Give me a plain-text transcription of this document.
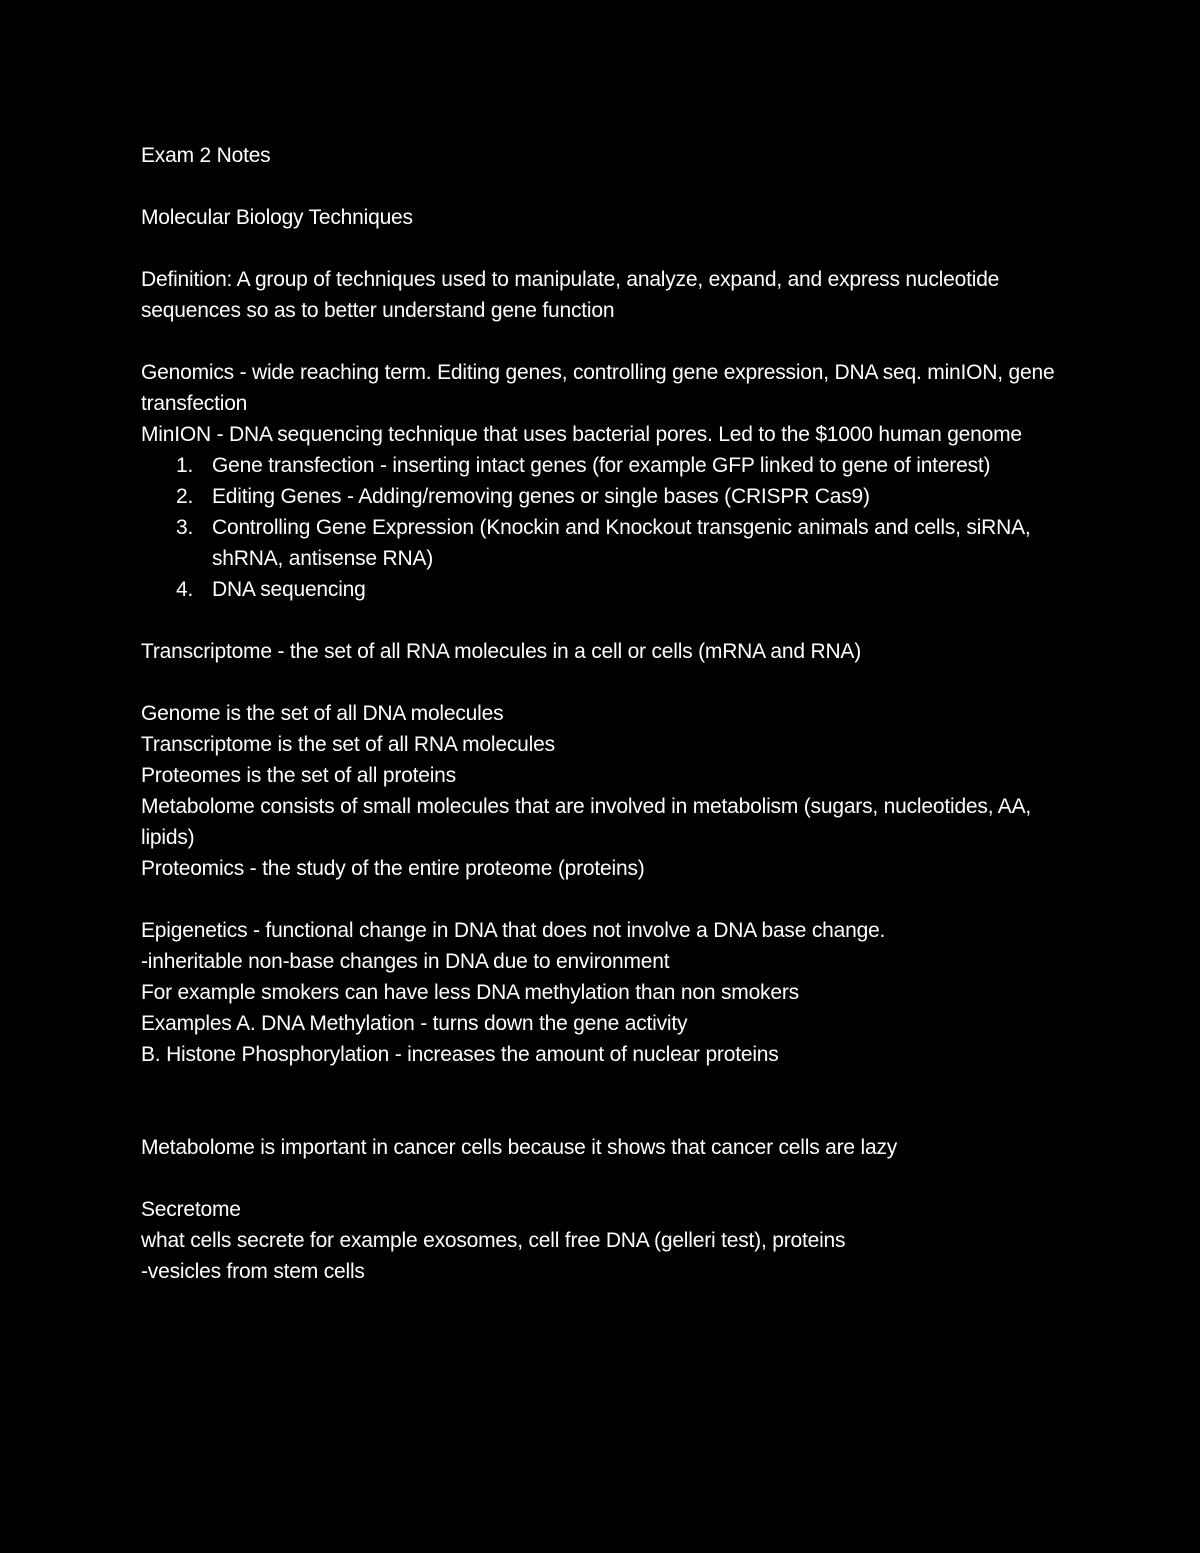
Exam 2 Notes

Molecular Biology Techniques

Definition: A group of techniques used to manipulate, analyze, expand, and express nucleotide sequences so as to better understand gene function

Genomics - wide reaching term. Editing genes, controlling gene expression, DNA seq. minION, gene transfection

MinION - DNA sequencing technique that uses bacterial pores. Led to the $1000 human genome

1. Gene transfection - inserting intact genes (for example GFP linked to gene of interest)
2. Editing Genes - Adding/removing genes or single bases (CRISPR Cas9)
3. Controlling Gene Expression (Knockin and Knockout transgenic animals and cells, siRNA, shRNA, antisense RNA)
4. DNA sequencing

Transcriptome - the set of all RNA molecules in a cell or cells (mRNA and RNA)

Genome is the set of all DNA molecules

Transcriptome is the set of all RNA molecules

Proteomes is the set of all proteins

Metabolome consists of small molecules that are involved in metabolism (sugars, nucleotides, AA, lipids)

Proteomics - the study of the entire proteome (proteins)

Epigenetics - functional change in DNA that does not involve a DNA base change.

-inheritable non-base changes in DNA due to environment

For example smokers can have less DNA methylation than non smokers

Examples A. DNA Methylation - turns down the gene activity

B. Histone Phosphorylation - increases the amount of nuclear proteins

Metabolome is important in cancer cells because it shows that cancer cells are lazy

Secretome

what cells secrete for example exosomes, cell free DNA (gelleri test), proteins

-vesicles from stem cells
